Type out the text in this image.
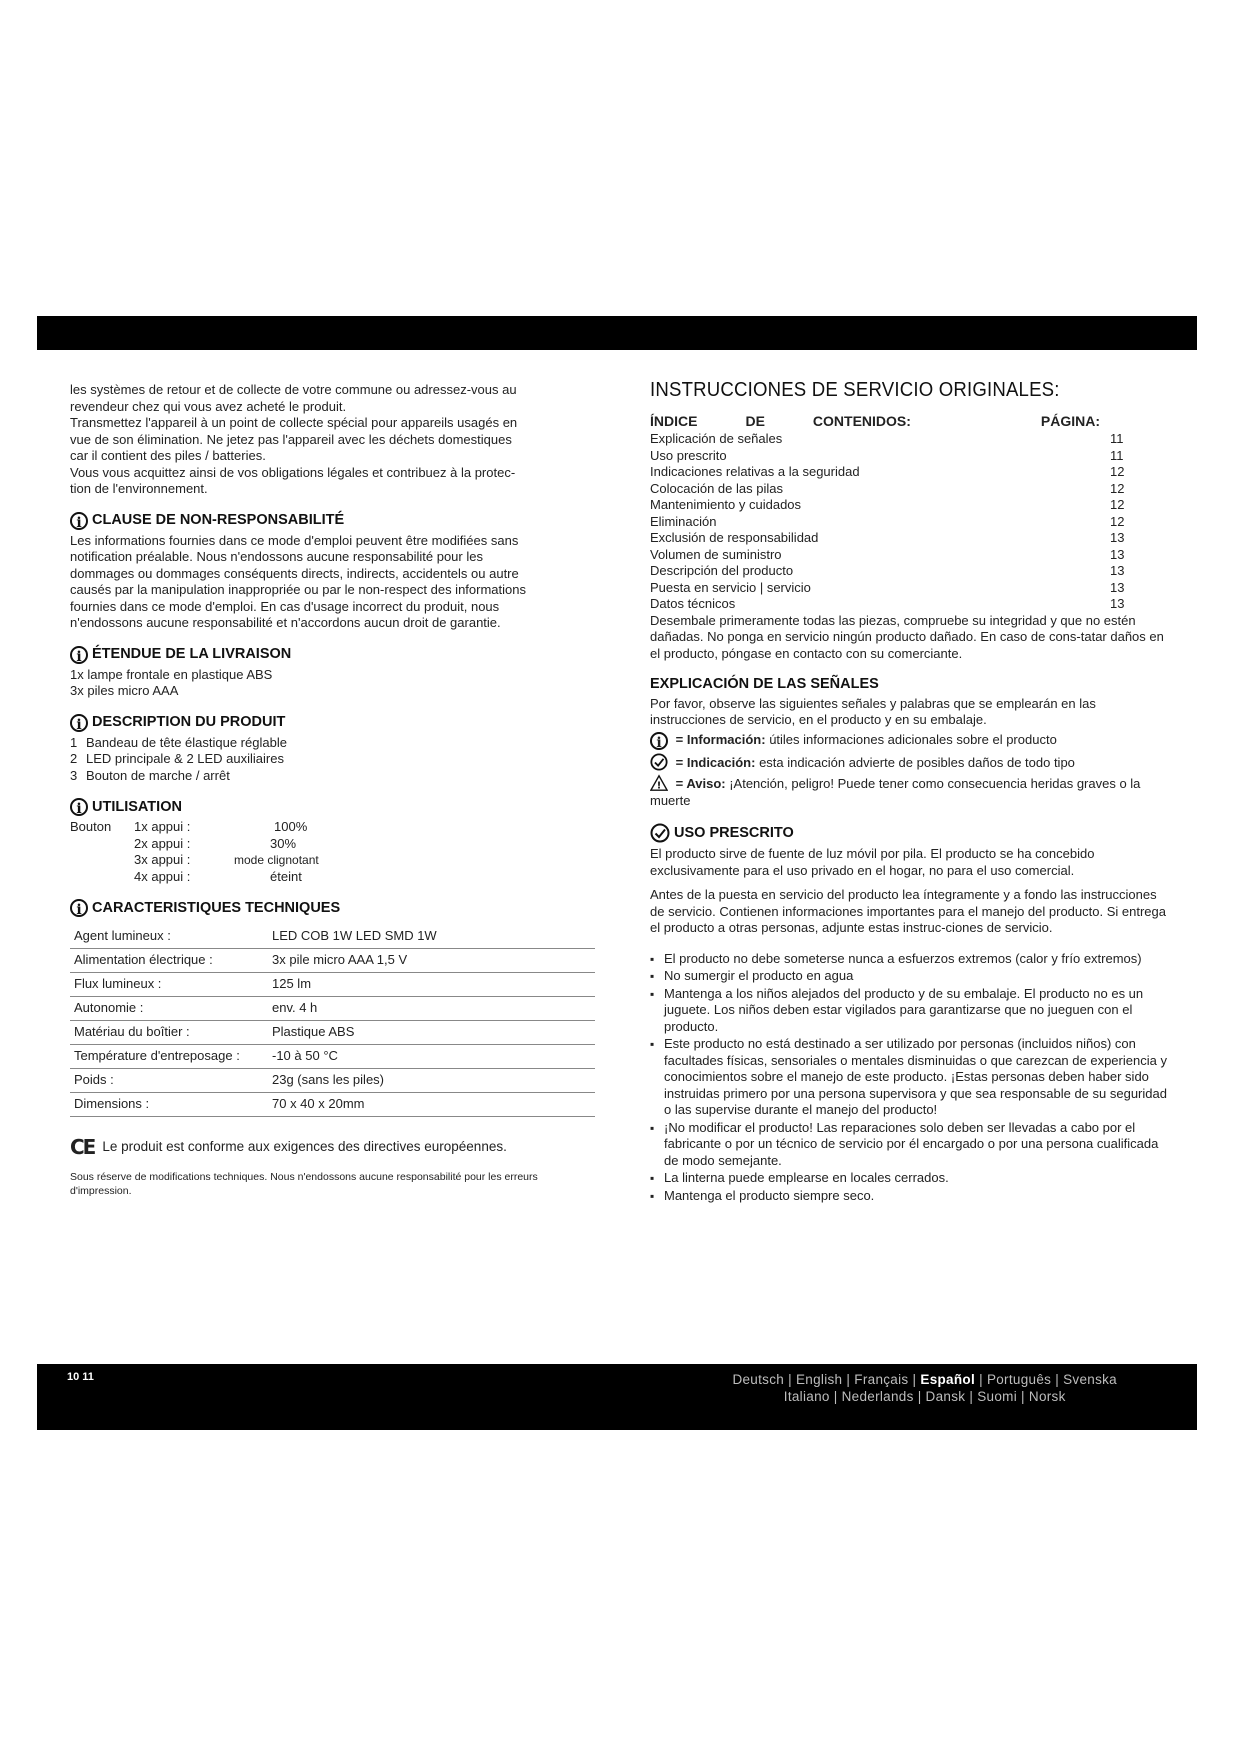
les systèmes de retour et de collecte de votre commune ou adressez-vous au

revendeur chez qui vous avez acheté le produit.

Transmettez l'appareil à un point de collecte spécial pour appareils usagés en

vue de son élimination. Ne jetez pas l'appareil avec les déchets domestiques

car il contient des piles / batteries.

Vous vous acquittez ainsi de vos obligations légales et contribuez à la protec-

tion de l'environnement.

i CLAUSE DE NON-RESPONSABILITÉ

Les informations fournies dans ce mode d'emploi peuvent être modifiées sans

notification préalable. Nous n'endossons aucune responsabilité pour les

dommages ou dommages conséquents directs, indirects, accidentels ou autre

causés par la manipulation inappropriée ou par le non-respect des informations

fournies dans ce mode d'emploi. En cas d'usage incorrect du produit, nous

n'endossons aucune responsabilité et n'accordons aucun droit de garantie.

i ÉTENDUE DE LA LIVRAISON

1x lampe frontale en plastique ABS

3x piles micro AAA

i DESCRIPTION DU PRODUIT
1 Bandeau de tête élastique réglable
2 LED principale & 2 LED auxiliaires
3 Bouton de marche / arrêt
i UTILISATION
Bouton	1x appui :	100%
2x appui :	30%
3x appui :	mode clignotant
4x appui :	éteint
i CARACTERISTIQUES TECHNIQUES
Agent lumineux :	LED COB 1W LED SMD 1W
Alimentation électrique :	3x pile micro AAA 1,5 V
Flux lumineux :	125 lm
Autonomie :	env. 4 h
Matériau du boîtier :	Plastique ABS
Température d'entreposage :	-10 à 50 °C
Poids :	23g (sans les piles)
Dimensions :	70 x 40 x 20mm
CE Le produit est conforme aux exigences des directives européennes.

Sous réserve de modifications techniques. Nous n'endossons aucune responsabilité pour les erreurs d'impression.

INSTRUCCIONES DE SERVICIO ORIGINALES:
ÍNDICE	DE	CONTENIDOS:	PÁGINA:
Explicación de señales	11
Uso prescrito	11
Indicaciones relativas a la seguridad	12
Colocación de las pilas	12
Mantenimiento y cuidados	12
Eliminación	12
Exclusión de responsabilidad	13
Volumen de suministro	13
Descripción del producto	13
Puesta en servicio | servicio	13
Datos técnicos	13

Desembale primeramente todas las piezas, compruebe su integridad y que no estén dañadas. No ponga en servicio ningún producto dañado. En caso de cons-tatar daños en el producto, póngase en contacto con su comerciante.

EXPLICACIÓN DE LAS SEÑALES

Por favor, observe las siguientes señales y palabras que se emplearán en las instrucciones de servicio, en el producto y en su embalaje.

i = Información: útiles informaciones adicionales sobre el producto
= Indicación: esta indicación advierte de posibles daños de todo tipo
! = Aviso: ¡Atención, peligro! Puede tener como consecuencia heridas graves o la muerte
USO PRESCRITO

El producto sirve de fuente de luz móvil por pila. El producto se ha concebido exclusivamente para el uso privado en el hogar, no para el uso comercial.

Antes de la puesta en servicio del producto lea íntegramente y a fondo las instrucciones de servicio. Contienen informaciones importantes para el manejo del producto. Si entrega el producto a otras personas, adjunte estas instruc-ciones de servicio.

▪ El producto no debe someterse nunca a esfuerzos extremos (calor y frío extremos)
▪ No sumergir el producto en agua
▪ Mantenga a los niños alejados del producto y de su embalaje. El producto no es un juguete. Los niños deben estar vigilados para garantizarse que no jueguen con el producto.
▪ Este producto no está destinado a ser utilizado por personas (incluidos niños) con facultades físicas, sensoriales o mentales disminuidas o que carezcan de experiencia y conocimientos sobre el manejo de este producto. ¡Estas personas deben haber sido instruidas primero por una persona supervisora y que sea responsable de su seguridad o las supervise durante el manejo del producto!
▪ ¡No modificar el producto! Las reparaciones solo deben ser llevadas a cabo por el fabricante o por un técnico de servicio por él encargado o por una persona cualificada de modo semejante.
▪ La linterna puede emplearse en locales cerrados.
▪ Mantenga el producto siempre seco.
10 11	Deutsch | English | Français | Español | Português | Svenska
Italiano | Nederlands | Dansk | Suomi | Norsk
